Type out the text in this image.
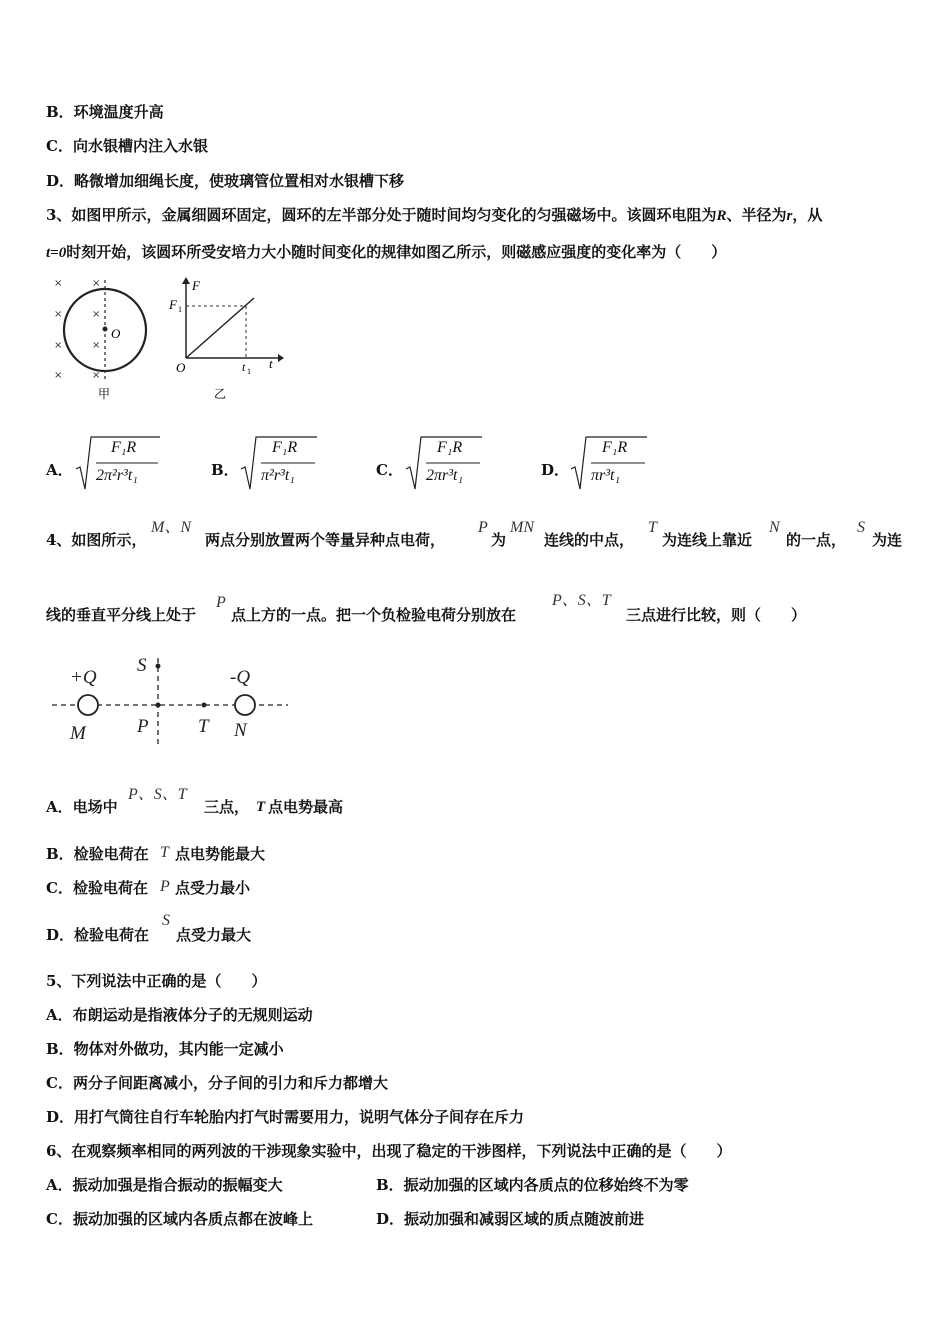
B．环境温度升高
C．向水银槽内注入水银
D．略微增加细绳长度，使玻璃管位置相对水银槽下移
3、如图甲所示，金属细圆环固定，圆环的左半部分处于随时间均匀变化的匀强磁场中。该圆环电阻为R、半径为r，从
t=0时刻开始，该圆环所受安培力大小随时间变化的规律如图乙所示，则磁感应强度的变化率为（　　）
O
×	×
×	×
×	×
×	×
甲
F
F 1
O	t
t 1
乙
A．
F₁R
2π²r³t₁	B．
F₁R
π²r³t₁	C．
F₁R
2πr³t₁	D．
F₁R
πr³t₁
4、如图所示，
M、N
两点分别放置两个等量异种点电荷，
P
为
MN
连线的中点，
T
为连线上靠近
N
的一点，
S
为连
线的垂直平分线上处于
P
点上方的一点。把一个负检验电荷分别放在
P、S、T
三点进行比较，则（　　）
+Q	-Q
M	N
P
S
T
A．电场中
P、S、T
三点， T 点电势最高
B．检验电荷在 T 点电势能最大
C．检验电荷在 P 点受力最小
D．检验电荷在
S
点受力最大
5、下列说法中正确的是（　　）
A．布朗运动是指液体分子的无规则运动
B．物体对外做功，其内能一定减小
C．两分子间距离减小，分子间的引力和斥力都增大
D．用打气筒往自行车轮胎内打气时需要用力，说明气体分子间存在斥力
6、在观察频率相同的两列波的干涉现象实验中，出现了稳定的干涉图样，下列说法中正确的是（　　）
A．振动加强是指合振动的振幅变大	B．振动加强的区域内各质点的位移始终不为零
C．振动加强的区域内各质点都在波峰上	D．振动加强和减弱区域的质点随波前进
